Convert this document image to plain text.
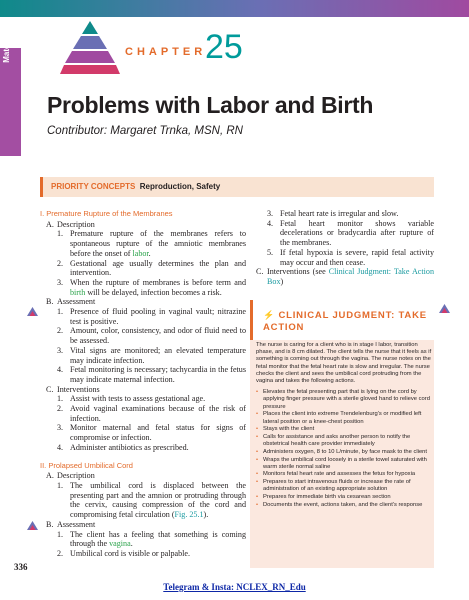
Maternity	CHAPTER
25
Problems with Labor and Birth
Contributor: Margaret Trnka, MSN, RN
PRIORITY CONCEPTS Reproduction, Safety
I. Premature Rupture of the Membranes
A. Description
1. Premature rupture of the membranes refers to spontaneous rupture of the amniotic membranes before the onset of labor.
2. Gestational age usually determines the plan and intervention.
3. When the rupture of membranes is before term and birth will be delayed, infection becomes a risk.
B. Assessment
1. Presence of fluid pooling in vaginal vault; nitrazine test is positive.
2. Amount, color, consistency, and odor of fluid need to be assessed.
3. Vital signs are monitored; an elevated temperature may indicate infection.
4. Fetal monitoring is necessary; tachycardia in the fetus may indicate maternal infection.
C. Interventions
1. Assist with tests to assess gestational age.
2. Avoid vaginal examinations because of the risk of infection.
3. Monitor maternal and fetal status for signs of compromise or infection.
4. Administer antibiotics as prescribed.
II. Prolapsed Umbilical Cord
A. Description
1. The umbilical cord is displaced between the presenting part and the amnion or protruding through the cervix, causing compression of the cord and compromising fetal circulation (Fig. 25.1).
B. Assessment
1. The client has a feeling that something is coming through the vagina.
2. Umbilical cord is visible or palpable.
3. Fetal heart rate is irregular and slow.
4. Fetal heart monitor shows variable decelerations or bradycardia after rupture of the membranes.
5. If fetal hypoxia is severe, rapid fetal activity may occur and then cease.
C. Interventions (see Clinical Judgment: Take Action Box)
⚡ CLINICAL JUDGMENT: TAKE
ACTION

The nurse is caring for a client who is in stage I labor, transition phase, and is 8 cm dilated. The client tells the nurse that it feels as if something is coming out through the vagina. The nurse notes on the fetal monitor that the fetal heart rate is slow and irregular. The nurse checks the client and sees the umbilical cord protruding from the vagina and takes the following actions.

• Elevates the fetal presenting part that is lying on the cord by applying finger pressure with a sterile gloved hand to relieve cord pressure
• Places the client into extreme Trendelenburg's or modified left lateral position or a knee-chest position
• Stays with the client
• Calls for assistance and asks another person to notify the obstetrical health care provider immediately
• Administers oxygen, 8 to 10 L/minute, by face mask to the client
• Wraps the umbilical cord loosely in a sterile towel saturated with warm sterile normal saline
• Monitors fetal heart rate and assesses the fetus for hypoxia
• Prepares to start intravenous fluids or increase the rate of administration of an existing appropriate solution
• Prepares for immediate birth via cesarean section
• Documents the event, actions taken, and the client's response
336
Telegram & Insta: NCLEX_RN_Edu
